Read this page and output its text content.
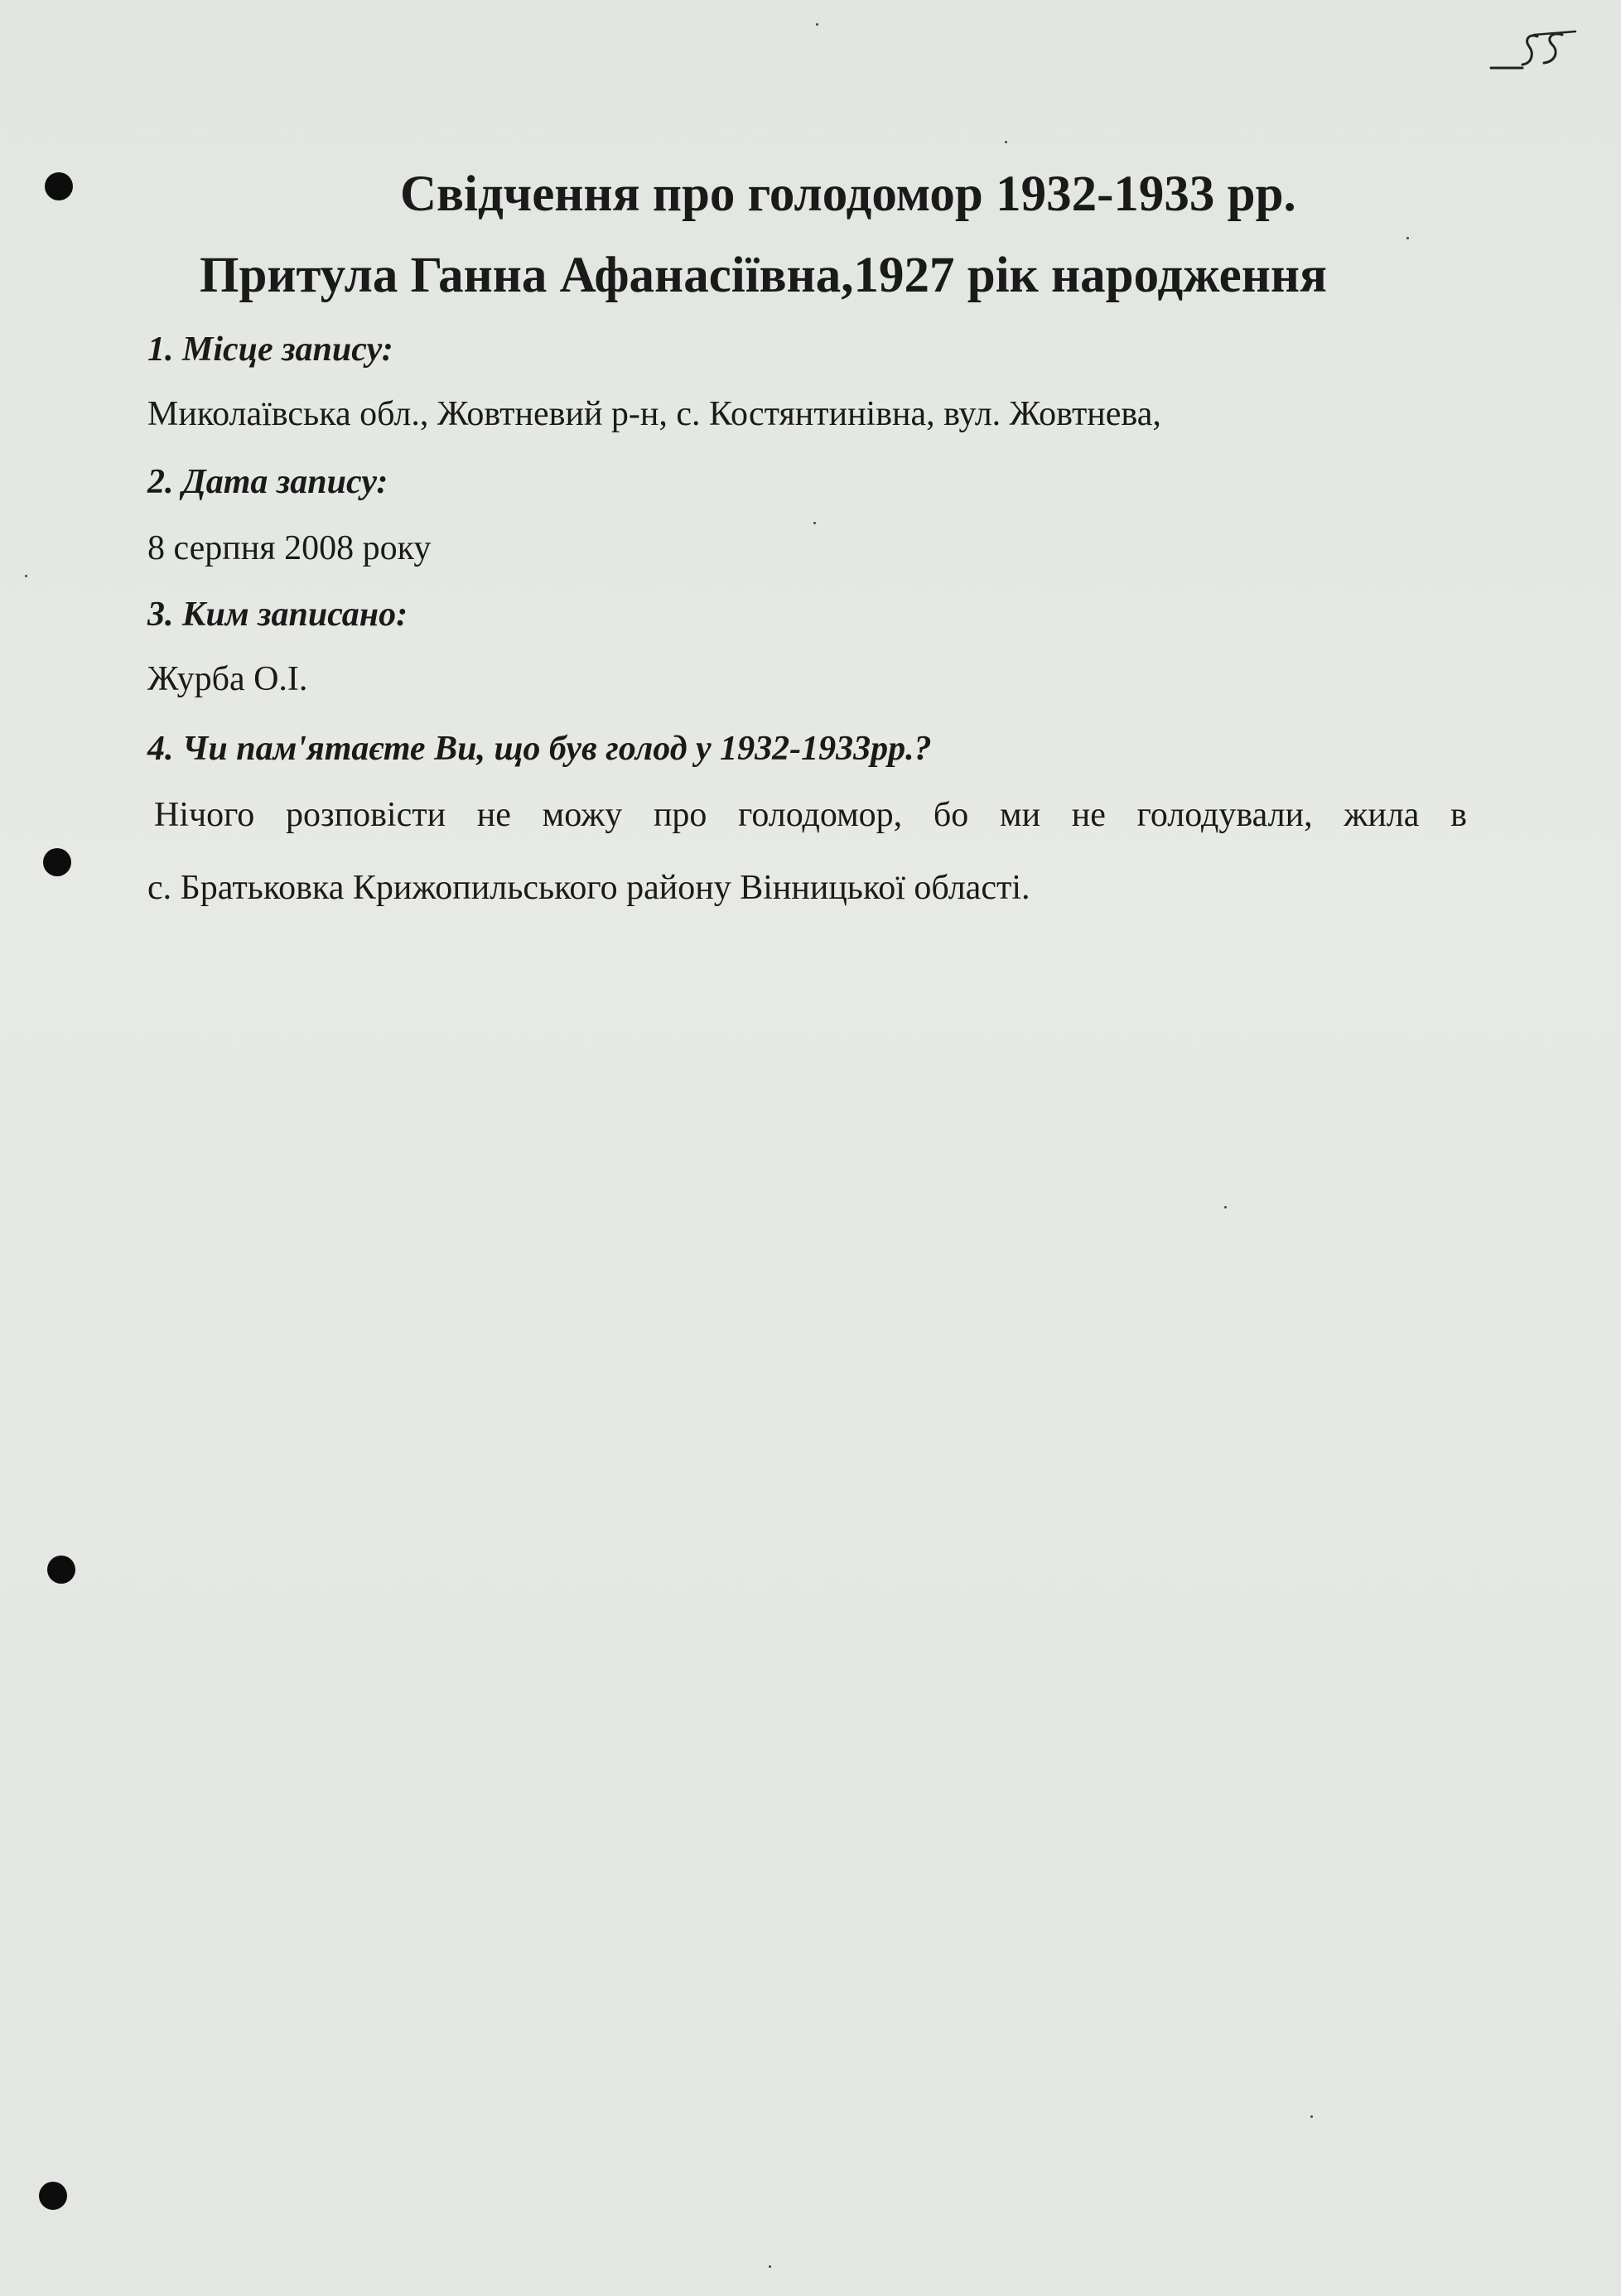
Свідчення про голодомор 1932-1933 рр.
Притула Ганна Афанасіївна,1927 рік народження
1. Місце запису:
Миколаївська обл., Жовтневий р-н, с. Костянтинівна, вул. Жовтнева,
2. Дата запису:
8 серпня 2008 року
3. Ким записано:
Журба О.І.
4. Чи пам'ятаєте Ви, що був голод у 1932-1933рр.?
Нічого розповісти не можу про голодомор, бо ми не голодували, жила в
с. Братьковка Крижопильського району Вінницької області.
